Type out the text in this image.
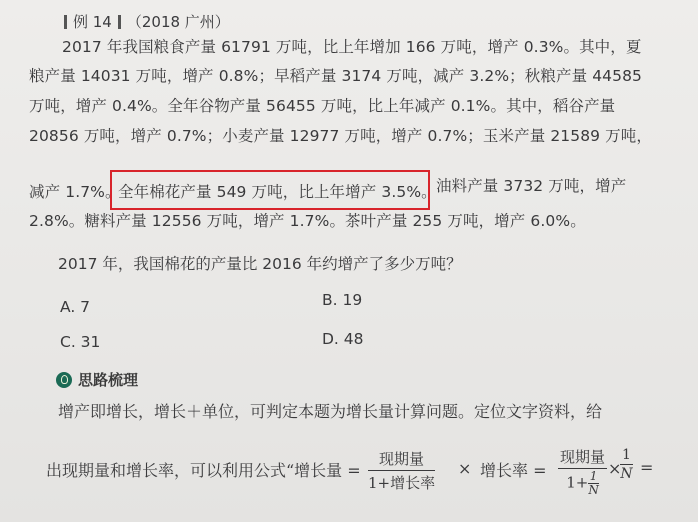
例 14 （2018 广州）
2017 年我国粮食产量 61791 万吨，比上年增加 166 万吨，增产 0.3%。其中，夏
粮产量 14031 万吨，增产 0.8%；早稻产量 3174 万吨，减产 3.2%；秋粮产量 44585
万吨，增产 0.4%。全年谷物产量 56455 万吨，比上年减产 0.1%。其中，稻谷产量
20856 万吨，增产 0.7%；小麦产量 12977 万吨，增产 0.7%；玉米产量 21589 万吨，
减产 1.7%。
全年棉花产量 549 万吨，比上年增产 3.5%。 油料产量 3732 万吨，增产
2.8%。糖料产量 12556 万吨，增产 1.7%。茶叶产量 255 万吨，增产 6.0%。
2017 年，我国棉花的产量比 2016 年约增产了多少万吨？
A. 7	B. 19
C. 31	D. 48
思路梳理
增产即增长，增长＋单位，可判定本题为增长量计算问题。定位文字资料，给
出现期量和增长率，可以利用公式“增长量 =
现期量
1+增长率
× 增长率 =
现期量
$1+ \frac{1}{N}$
×
$\frac{1}{N}$ =
